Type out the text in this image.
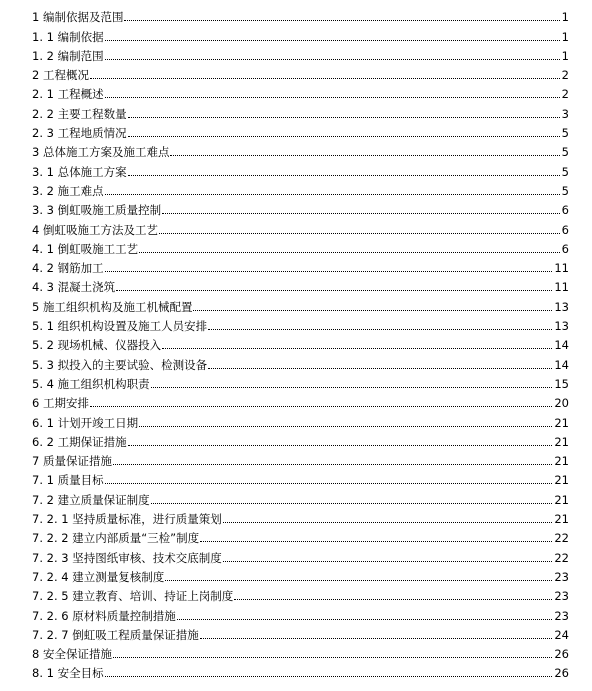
1 编制依据及范围	1
1. 1 编制依据	1
1. 2 编制范围	1
2 工程概况	2
2. 1 工程概述	2
2. 2 主要工程数量	3
2. 3 工程地质情况	5
3 总体施工方案及施工难点	5
3. 1 总体施工方案	5
3. 2 施工难点	5
3. 3 倒虹吸施工质量控制	6
4 倒虹吸施工方法及工艺	6
4. 1 倒虹吸施工工艺	6
4. 2 钢筋加工	11
4. 3 混凝土浇筑	11
5 施工组织机构及施工机械配置	13
5. 1 组织机构设置及施工人员安排	13
5. 2 现场机械、仪器投入	14
5. 3 拟投入的主要试验、检测设备	14
5. 4 施工组织机构职责	15
6 工期安排	20
6. 1 计划开竣工日期	21
6. 2 工期保证措施	21
7 质量保证措施	21
7. 1 质量目标	21
7. 2 建立质量保证制度	21
7. 2. 1 坚持质量标准，进行质量策划	21
7. 2. 2 建立内部质量“三检”制度	22
7. 2. 3 坚持图纸审核、技术交底制度	22
7. 2. 4 建立测量复核制度	23
7. 2. 5 建立教育、培训、持证上岗制度	23
7. 2. 6 原材料质量控制措施	23
7. 2. 7 倒虹吸工程质量保证措施	24
8 安全保证措施	26
8. 1 安全目标	26
